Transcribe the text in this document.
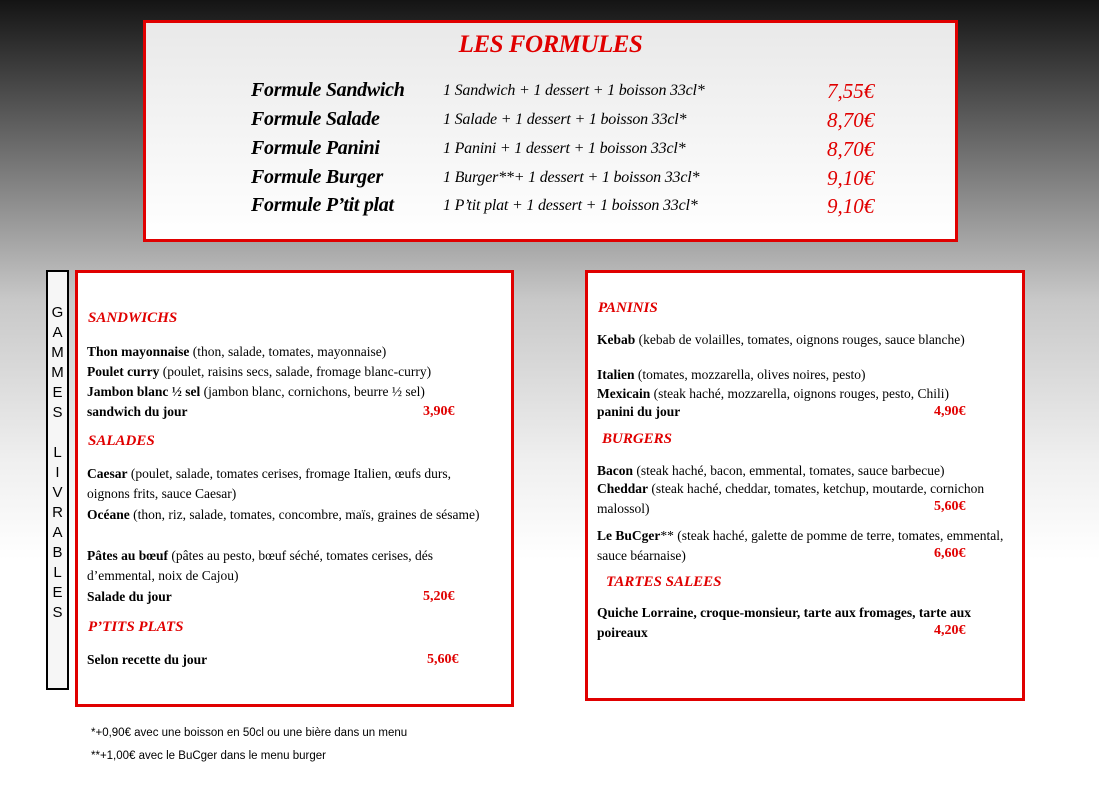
LES FORMULES
Formule Sandwich 1 Sandwich + 1 dessert + 1 boisson 33cl*	7,55€
Formule Salade	1 Salade + 1 dessert + 1 boisson 33cl*	8,70€
Formule Panini	1 Panini + 1 dessert + 1 boisson 33cl*	8,70€
Formule Burger	1 Burger**+ 1 dessert + 1 boisson 33cl*	9,10€
Formule P’tit plat	1 P’tit plat + 1 dessert + 1 boisson 33cl*	9,10€
G
A
M
M
E
S
L
I
V
R
A
B
L
E
S
SANDWICHS
Thon mayonnaise (thon, salade, tomates, mayonnaise)
Poulet curry (poulet, raisins secs, salade, fromage blanc-curry)
Jambon blanc ½ sel (jambon blanc, cornichons, beurre ½ sel)
sandwich du jour	3,90€
SALADES
Caesar (poulet, salade, tomates cerises, fromage Italien, œufs durs, oignons frits, sauce Caesar)
Océane (thon, riz, salade, tomates, concombre, maïs, graines de sésame)
Pâtes au bœuf (pâtes au pesto, bœuf séché, tomates cerises, dés d’emmental, noix de Cajou)
Salade du jour	5,20€
P’TITS PLATS
Selon recette du jour	5,60€
PANINIS
Kebab (kebab de volailles, tomates, oignons rouges, sauce blanche)
Italien (tomates, mozzarella, olives noires, pesto)
Mexicain (steak haché, mozzarella, oignons rouges, pesto, Chili)
panini du jour	4,90€
BURGERS
Bacon (steak haché, bacon, emmental, tomates, sauce barbecue)
Cheddar (steak haché, cheddar, tomates, ketchup, moutarde, cornichon malossol)	5,60€
Le BuCger** (steak haché, galette de pomme de terre, tomates, emmental, sauce béarnaise)	6,60€
TARTES SALEES
Quiche Lorraine, croque-monsieur, tarte aux fromages, tarte aux poireaux	4,20€
*+0,90€ avec une boisson en 50cl ou une bière dans un menu
**+1,00€ avec le BuCger dans le menu burger
